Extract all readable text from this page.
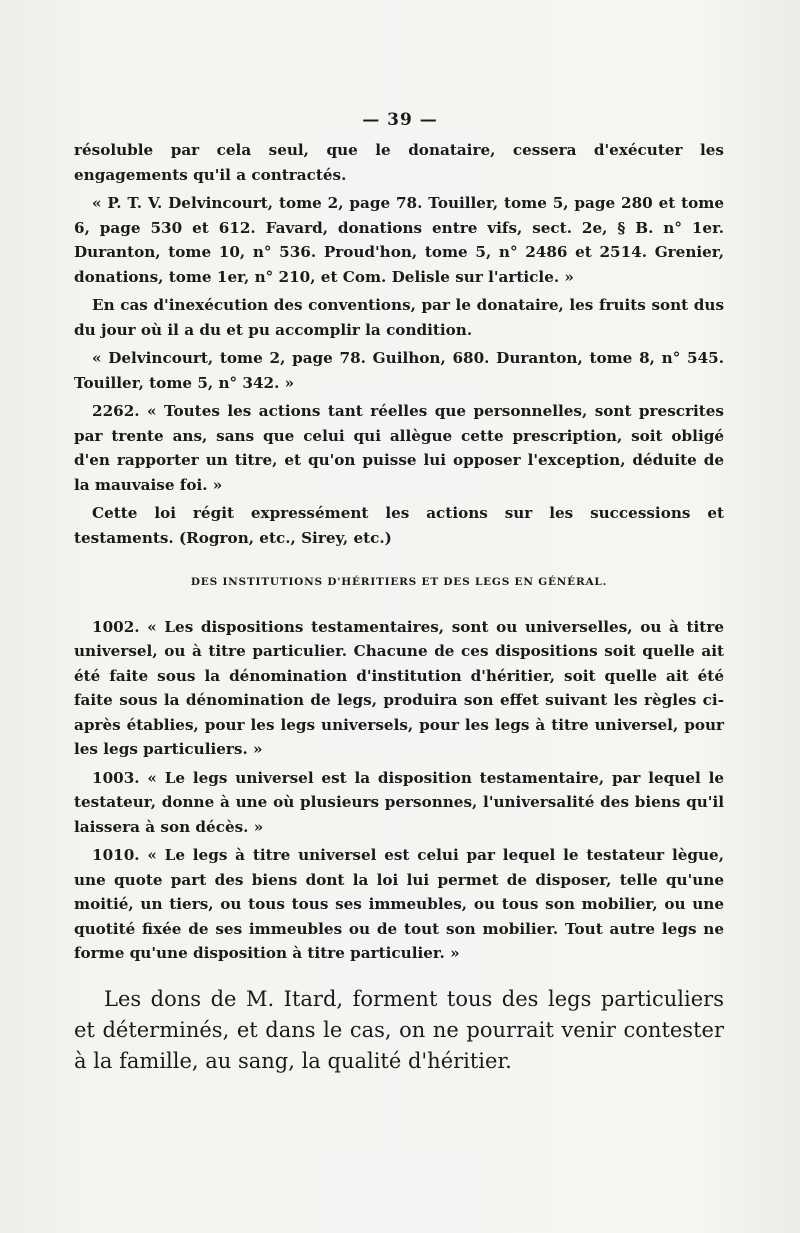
— 39 —

résoluble par cela seul, que le donataire, cessera d'exécuter les engagements qu'il a contractés.

« P. T. V. Delvincourt, tome 2, page 78. Touiller, tome 5, page 280 et tome 6, page 530 et 612. Favard, donations entre vifs, sect. 2e, § B. n° 1er. Duranton, tome 10, n° 536. Proud'hon, tome 5, n° 2486 et 2514. Grenier, donations, tome 1er, n° 210, et Com. Delisle sur l'article. »

En cas d'inexécution des conventions, par le donataire, les fruits sont dus du jour où il a du et pu accomplir la condition.

« Delvincourt, tome 2, page 78. Guilhon, 680. Duranton, tome 8, n° 545. Touiller, tome 5, n° 342. »

2262. « Toutes les actions tant réelles que personnelles, sont prescrites par trente ans, sans que celui qui allègue cette prescription, soit obligé d'en rapporter un titre, et qu'on puisse lui opposer l'exception, déduite de la mauvaise foi. »

Cette loi régit expressément les actions sur les successions et testaments. (Rogron, etc., Sirey, etc.)

DES INSTITUTIONS D'HÉRITIERS ET DES LEGS EN GÉNÉRAL.

1002. « Les dispositions testamentaires, sont ou universelles, ou à titre universel, ou à titre particulier. Chacune de ces dispositions soit quelle ait été faite sous la dénomination d'institution d'héritier, soit quelle ait été faite sous la dénomination de legs, produira son effet suivant les règles ci-après établies, pour les legs universels, pour les legs à titre universel, pour les legs particuliers. »

1003. « Le legs universel est la disposition testamentaire, par lequel le testateur, donne à une où plusieurs personnes, l'universalité des biens qu'il laissera à son décès. »

1010. « Le legs à titre universel est celui par lequel le testateur lègue, une quote part des biens dont la loi lui permet de disposer, telle qu'une moitié, un tiers, ou tous tous ses immeubles, ou tous son mobilier, ou une quotité fixée de ses immeubles ou de tout son mobilier. Tout autre legs ne forme qu'une disposition à titre particulier. »

Les dons de M. Itard, forment tous des legs particuliers et déterminés, et dans le cas, on ne pourrait venir contester à la famille, au sang, la qualité d'héritier.
